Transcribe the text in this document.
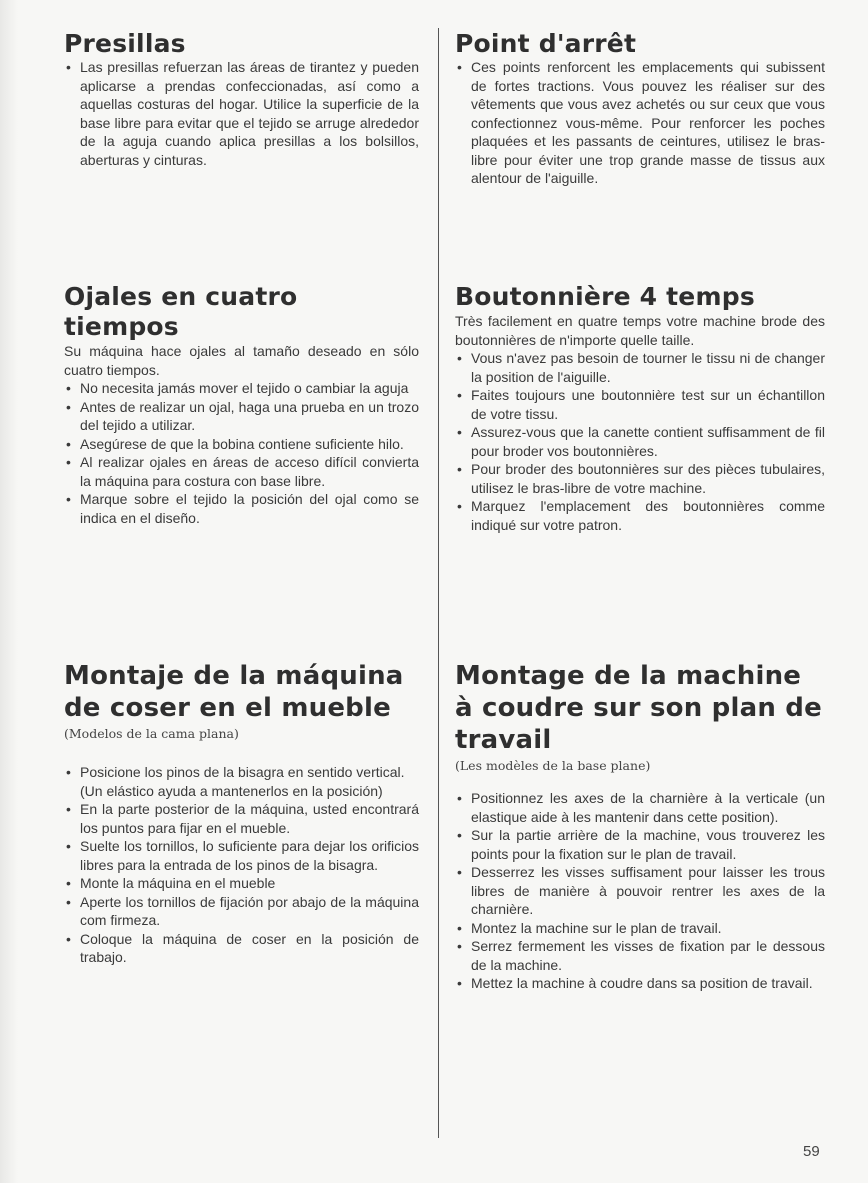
Presillas
• Las presillas refuerzan las áreas de tirantez y pueden aplicarse a prendas confeccionadas, así como a aquellas costuras del hogar. Utilice la superficie de la base libre para evitar que el tejido se arruge alrededor de la aguja cuando aplica presillas a los bolsillos, aberturas y cinturas.
Ojales en cuatro tiempos

Su máquina hace ojales al tamaño deseado en sólo cuatro tiempos.

• No necesita jamás mover el tejido o cambiar la aguja
• Antes de realizar un ojal, haga una prueba en un trozo del tejido a utilizar.
• Asegúrese de que la bobina contiene suficiente hilo.
• Al realizar ojales en áreas de acceso difícil convierta la máquina para costura con base libre.
• Marque sobre el tejido la posición del ojal como se indica en el diseño.
Montaje de la máquina
de coser en el mueble

(Modelos de la cama plana)

• Posicione los pinos de la bisagra en sentido vertical.
(Un elástico ayuda a mantenerlos en la posición)
• En la parte posterior de la máquina, usted encontrará los puntos para fijar en el mueble.
• Suelte los tornillos, lo suficiente para dejar los orificios libres para la entrada de los pinos de la bisagra.
• Monte la máquina en el mueble
• Aperte los tornillos de fijación por abajo de la máquina com firmeza.
• Coloque la máquina de coser en la posición de trabajo.
Point d'arrêt
• Ces points renforcent les emplacements qui subissent de fortes tractions. Vous pouvez les réaliser sur des vêtements que vous avez achetés ou sur ceux que vous confectionnez vous-même. Pour renforcer les poches plaquées et les passants de ceintures, utilisez le bras-libre pour éviter une trop grande masse de tissus aux alentour de l'aiguille.
Boutonnière 4 temps

Très facilement en quatre temps votre machine brode des boutonnières de n'importe quelle taille.

• Vous n'avez pas besoin de tourner le tissu ni de changer la position de l'aiguille.
• Faites toujours une boutonnière test sur un échantillon de votre tissu.
• Assurez-vous que la canette contient suffisamment de fil pour broder vos boutonnières.
• Pour broder des boutonnières sur des pièces tubulaires, utilisez le bras-libre de votre machine.
• Marquez l'emplacement des boutonnières comme indiqué sur votre patron.
Montage de la machine
à coudre sur son plan de
travail

(Les modèles de la base plane)

• Positionnez les axes de la charnière à la verticale (un elastique aide à les mantenir dans cette position).
• Sur la partie arrière de la machine, vous trouverez les points pour la fixation sur le plan de travail.
• Desserrez les visses suffisament pour laisser les trous libres de manière à pouvoir rentrer les axes de la charnière.
• Montez la machine sur le plan de travail.
• Serrez fermement les visses de fixation par le dessous de la machine.
• Mettez la machine à coudre dans sa position de travail.
59
